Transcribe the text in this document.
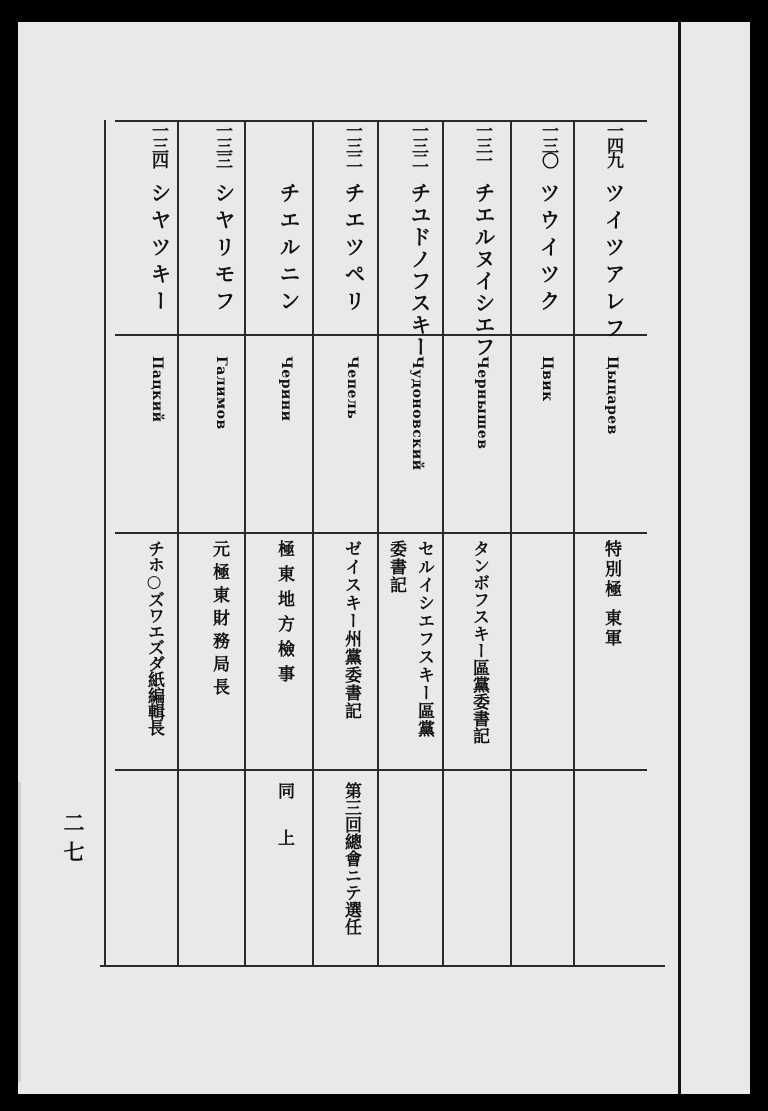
一四九
ツイツアレフ
Цыцарев
特別極 東軍
一三〇
ツウイツク
Цвик
一三一
チエルヌイシエフ
Чернышев
タンボフスキー區黨委書記
一三二
チユドノフスキー
Чудоновский
セルイシエフスキー區黨委書記
一三二
チエツペリ
Чепель
ゼイスキー州黨委書記
第三回總會ニテ選任
チエルニン
Черини
極東地方檢事
同 上
一三三
シヤリモフ
Галимов
元極東財務局長
一三四
シヤツキー
Пацкий
チホ○ズワエズダ紙編輯長
二七
